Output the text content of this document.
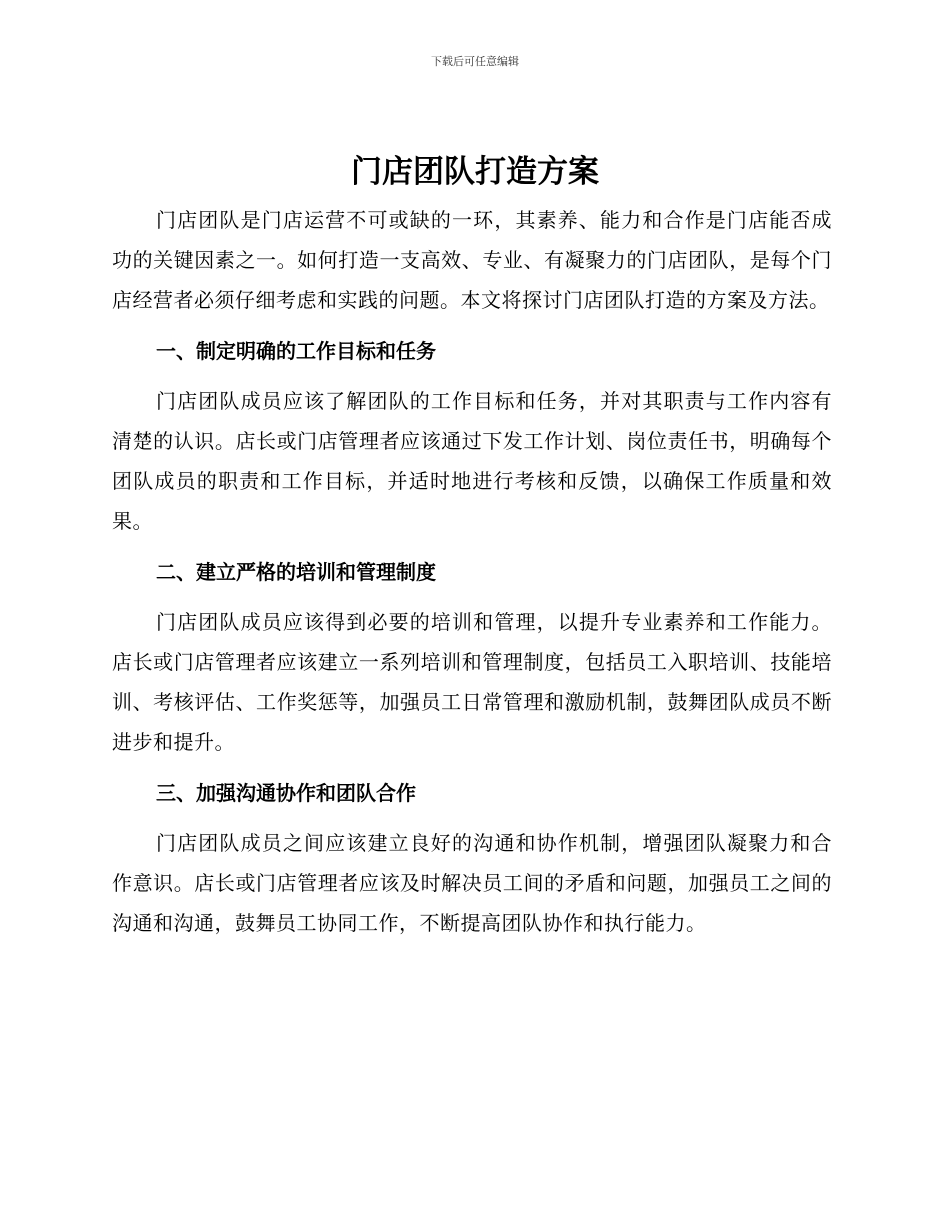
下载后可任意编辑
门店团队打造方案

门店团队是门店运营不可或缺的一环，其素养、能力和合作是门店能否成功的关键因素之一。如何打造一支高效、专业、有凝聚力的门店团队，是每个门店经营者必须仔细考虑和实践的问题。本文将探讨门店团队打造的方案及方法。

一、制定明确的工作目标和任务

门店团队成员应该了解团队的工作目标和任务，并对其职责与工作内容有清楚的认识。店长或门店管理者应该通过下发工作计划、岗位责任书，明确每个团队成员的职责和工作目标，并适时地进行考核和反馈，以确保工作质量和效果。

二、建立严格的培训和管理制度

门店团队成员应该得到必要的培训和管理，以提升专业素养和工作能力。店长或门店管理者应该建立一系列培训和管理制度，包括员工入职培训、技能培训、考核评估、工作奖惩等，加强员工日常管理和激励机制，鼓舞团队成员不断进步和提升。

三、加强沟通协作和团队合作

门店团队成员之间应该建立良好的沟通和协作机制，增强团队凝聚力和合作意识。店长或门店管理者应该及时解决员工间的矛盾和问题，加强员工之间的沟通和沟通，鼓舞员工协同工作，不断提高团队协作和执行能力。
